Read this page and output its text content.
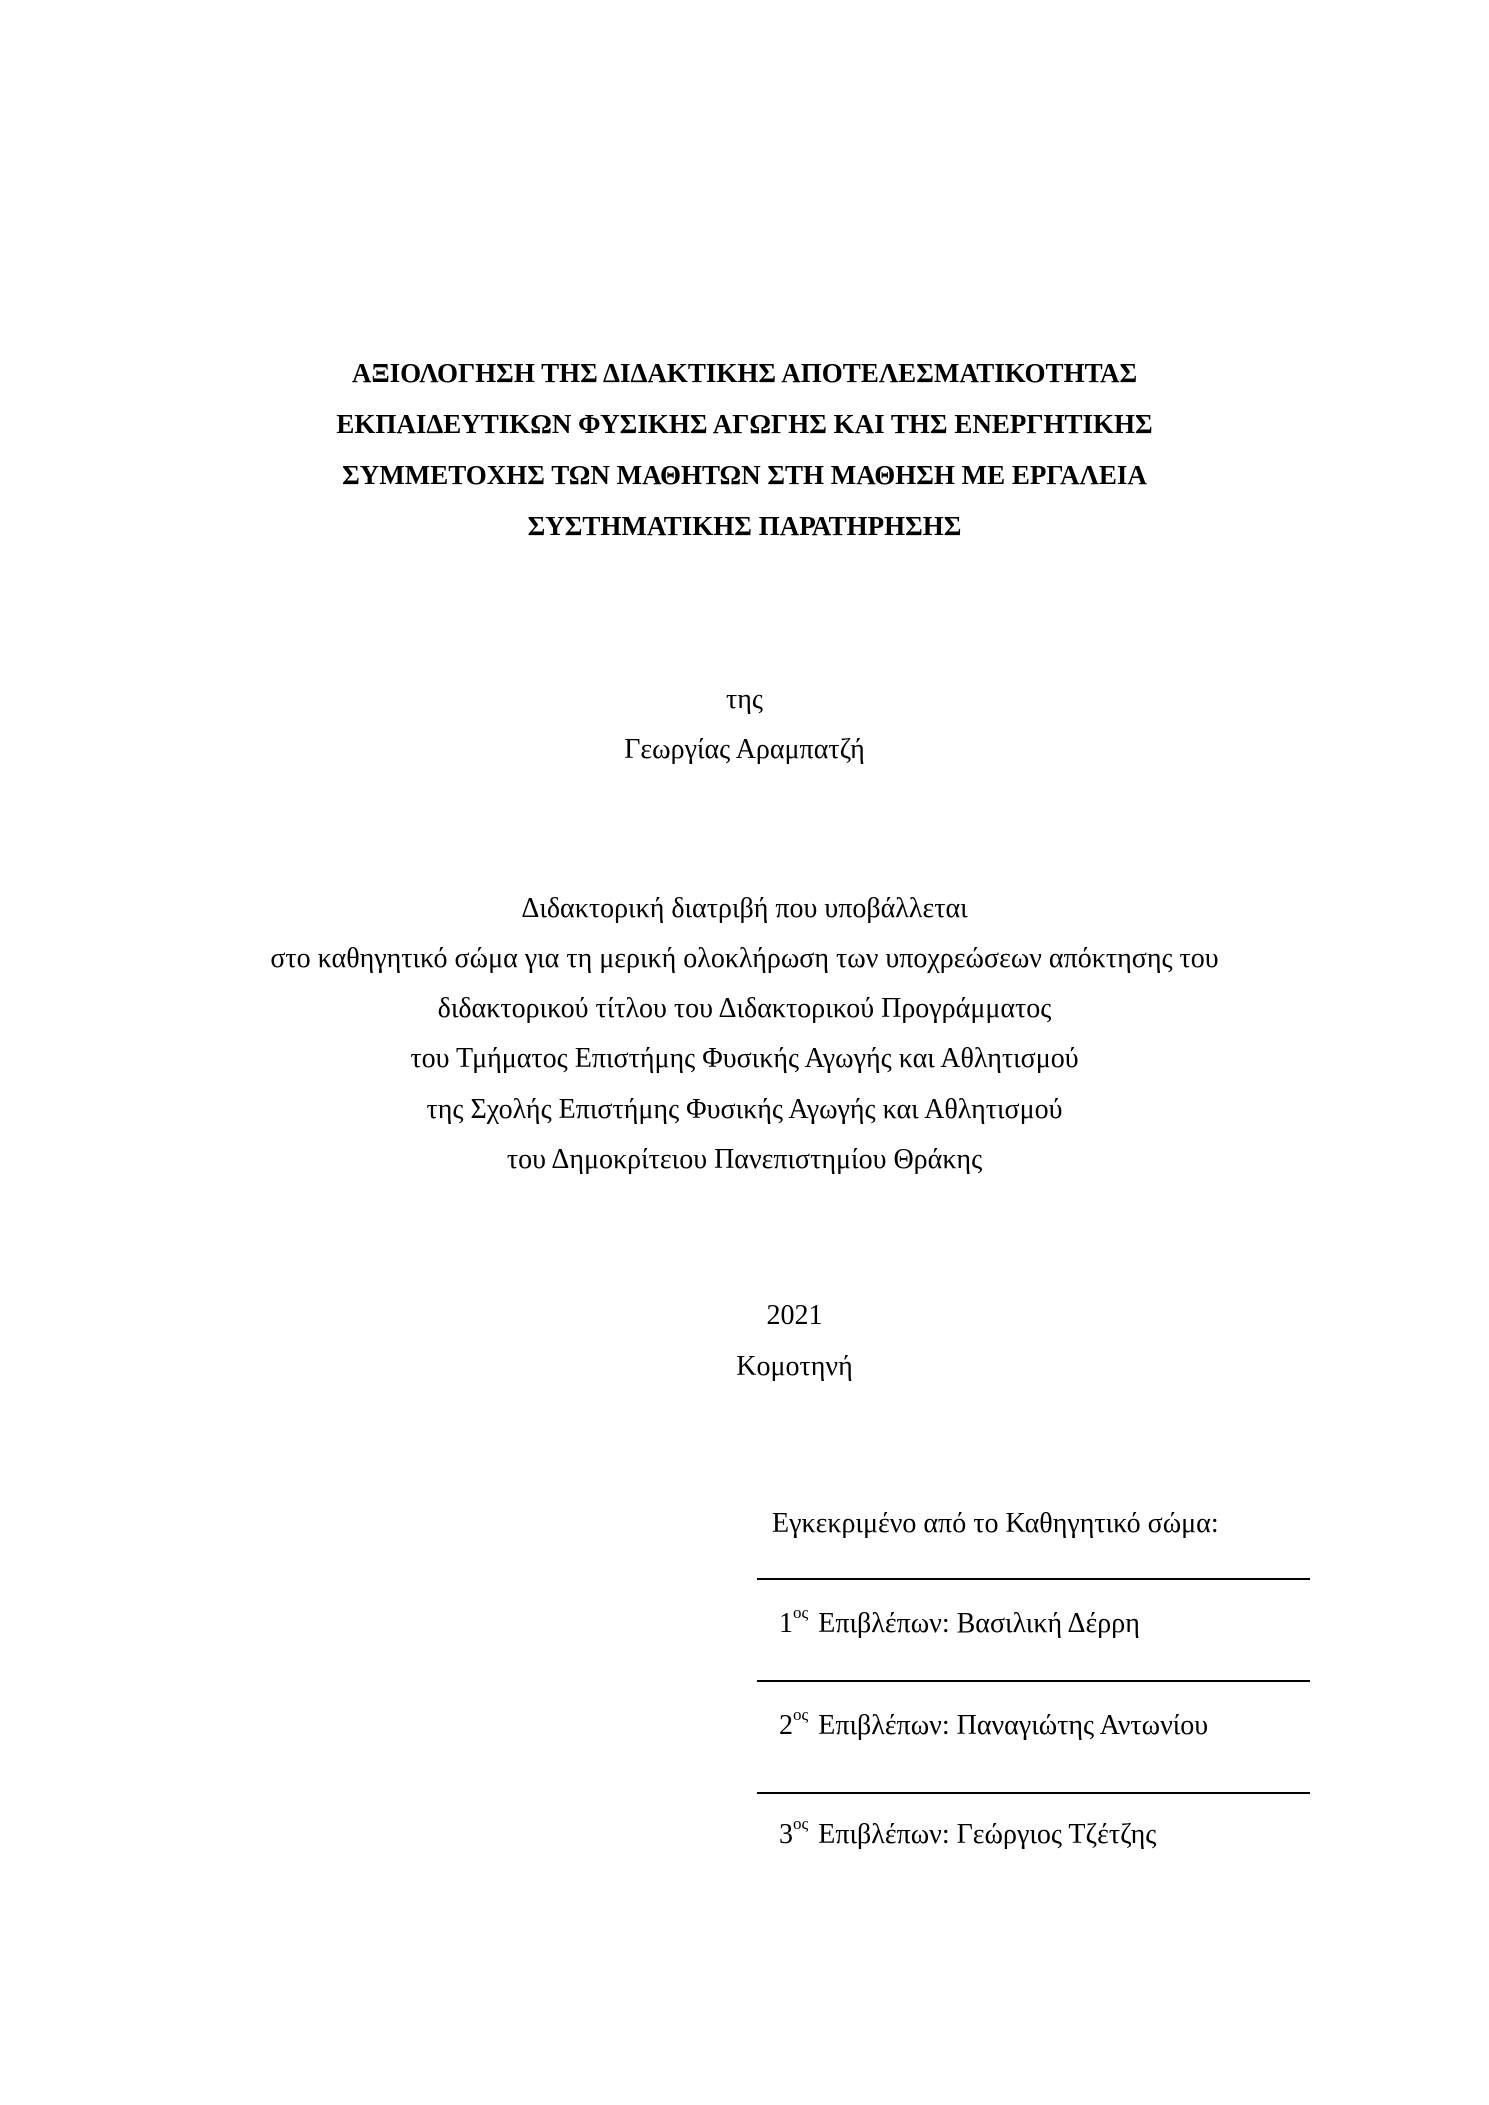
ΑΞΙΟΛΟΓΗΣΗ ΤΗΣ ΔΙΔΑΚΤΙΚΗΣ ΑΠΟΤΕΛΕΣΜΑΤΙΚΟΤΗΤΑΣ
ΕΚΠΑΙΔΕΥΤΙΚΩΝ ΦΥΣΙΚΗΣ ΑΓΩΓΗΣ ΚΑΙ ΤΗΣ ΕΝΕΡΓΗΤΙΚΗΣ
ΣΥΜΜΕΤΟΧΗΣ ΤΩΝ ΜΑΘΗΤΩΝ ΣΤΗ ΜΑΘΗΣΗ ΜΕ ΕΡΓΑΛΕΙΑ
ΣΥΣΤΗΜΑΤΙΚΗΣ ΠΑΡΑΤΗΡΗΣΗΣ
της
Γεωργίας Αραμπατζή
Διδακτορική διατριβή που υποβάλλεται
στο καθηγητικό σώμα για τη μερική ολοκλήρωση των υποχρεώσεων απόκτησης του
διδακτορικού τίτλου του Διδακτορικού Προγράμματος
του Τμήματος Επιστήμης Φυσικής Αγωγής και Αθλητισμού
της Σχολής Επιστήμης Φυσικής Αγωγής και Αθλητισμού
του Δημοκρίτειου Πανεπιστημίου Θράκης
2021
Κομοτηνή
Εγκεκριμένο από το Καθηγητικό σώμα:
$1^{o\varsigma}$ Επιβλέπων: Βασιλική Δέρρη
$2^{o\varsigma}$ Επιβλέπων: Παναγιώτης Αντωνίου
$3^{o\varsigma}$ Επιβλέπων: Γεώργιος Τζέτζης
